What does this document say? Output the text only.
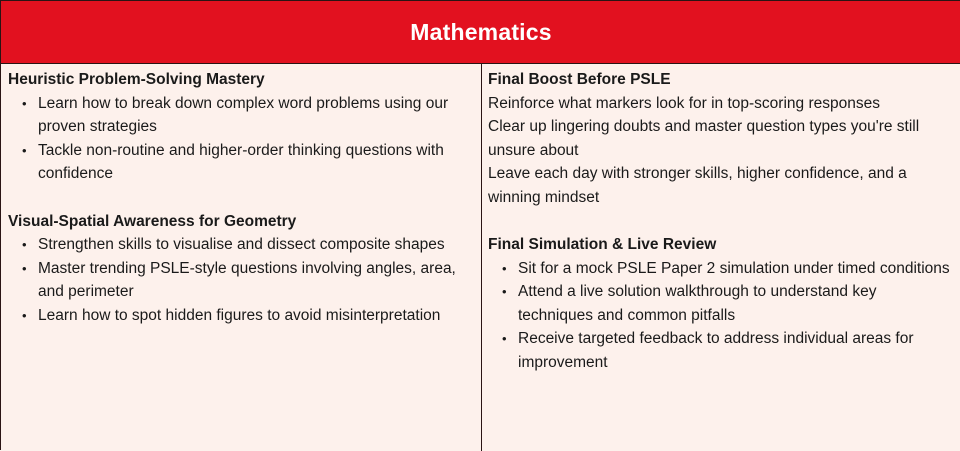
Mathematics

Heuristic Problem-Solving Mastery

• Learn how to break down complex word problems using our proven strategies
• Tackle non-routine and higher-order thinking questions with confidence

Visual-Spatial Awareness for Geometry

• Strengthen skills to visualise and dissect composite shapes
• Master trending PSLE-style questions involving angles, area, and perimeter
• Learn how to spot hidden figures to avoid misinterpretation

Final Boost Before PSLE

Reinforce what markers look for in top-scoring responses

Clear up lingering doubts and master question types you're still unsure about

Leave each day with stronger skills, higher confidence, and a winning mindset

Final Simulation & Live Review

• Sit for a mock PSLE Paper 2 simulation under timed conditions
• Attend a live solution walkthrough to understand key techniques and common pitfalls
• Receive targeted feedback to address individual areas for improvement
